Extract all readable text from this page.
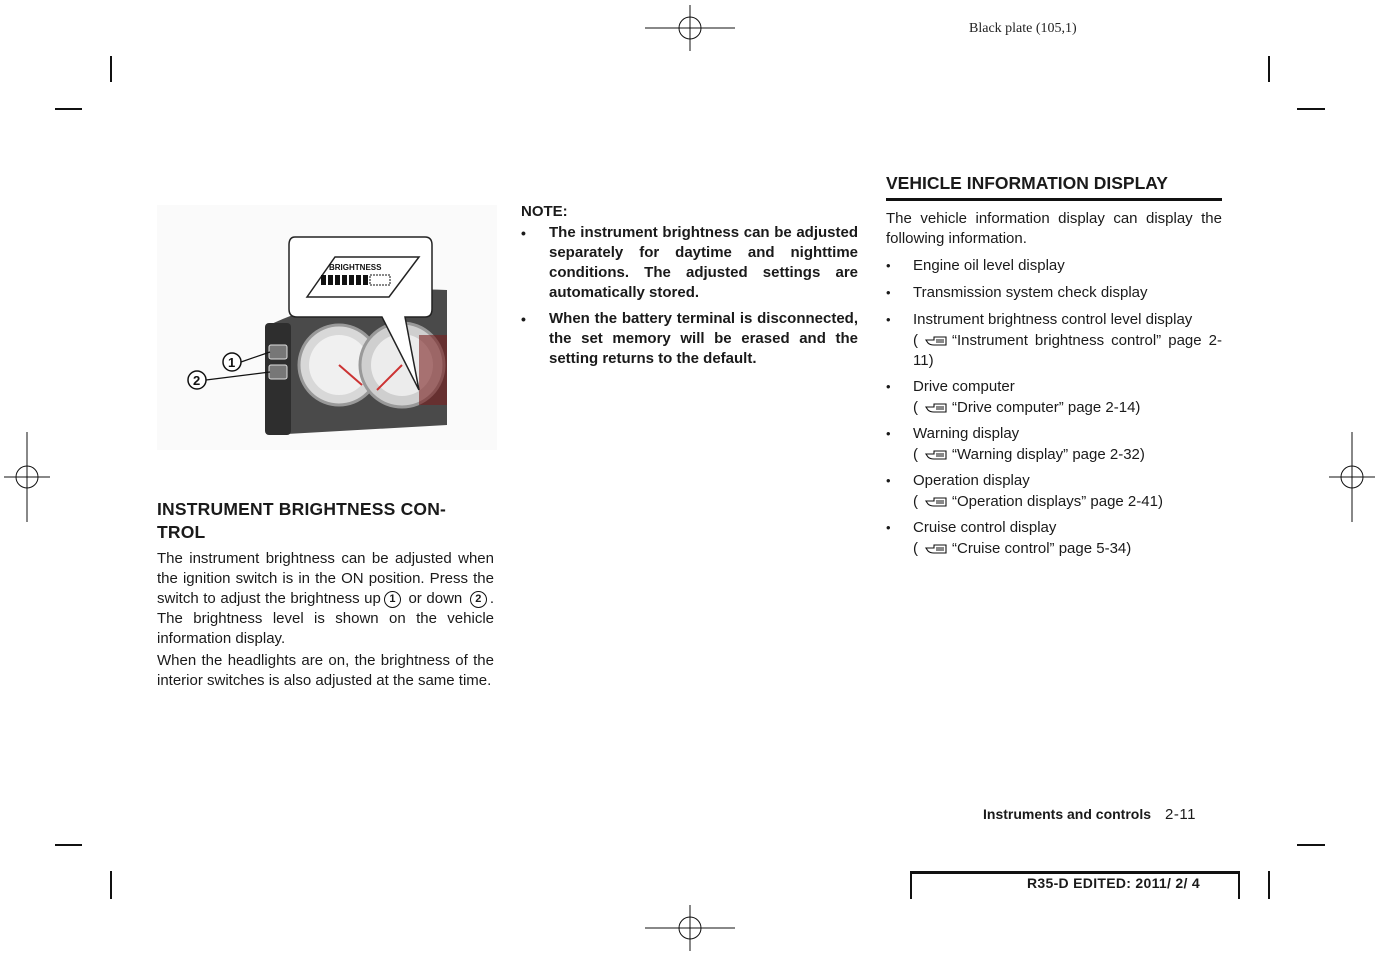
Black plate (105,1)
BRIGHTNESS
1
2
INSTRUMENT BRIGHTNESS CON-
TROL

The instrument brightness can be adjusted when the ignition switch is in the ON position. Press the switch to adjust the brightness up 1 or down 2 . The brightness level is shown on the vehicle information display.

When the headlights are on, the brightness of the interior switches is also adjusted at the same time.

NOTE:

• The instrument brightness can be adjusted separately for daytime and nighttime conditions. The adjusted settings are automatically stored.
• When the battery terminal is disconnected, the set memory will be erased and the setting returns to the default.
VEHICLE INFORMATION DISPLAY

The vehicle information display can display the following information.

• Engine oil level display
• Transmission system check display
• Instrument brightness control level display
( “Instrument brightness control” page 2-11)
• Drive computer
( “Drive computer” page 2-14)
• Warning display
( “Warning display” page 2-32)
• Operation display
( “Operation displays” page 2-41)
• Cruise control display
( “Cruise control” page 5-34)
Instruments and controls 2-11
R35-D EDITED: 2011/ 2/ 4
